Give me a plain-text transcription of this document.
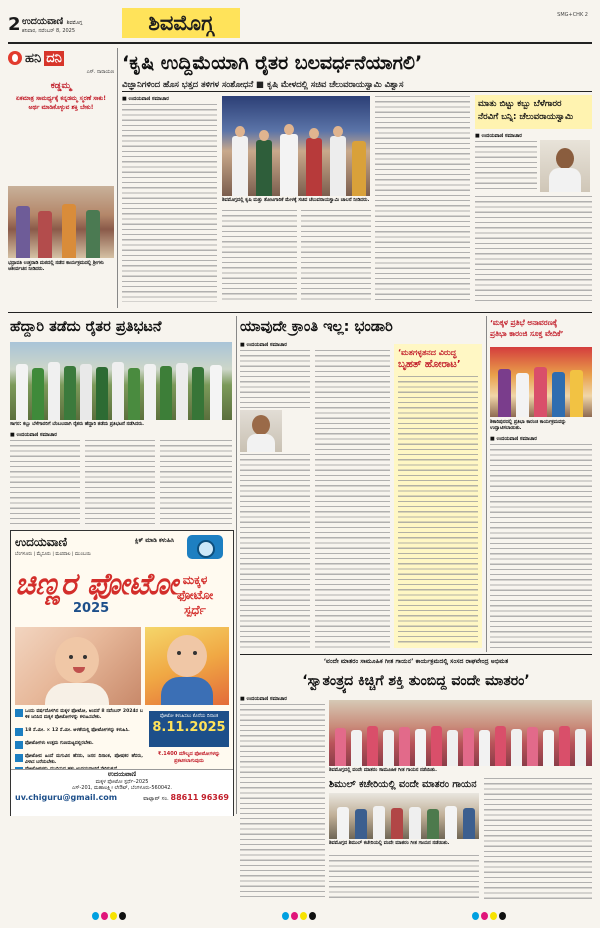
2 ಉದಯವಾಣಿ ಶಿವಮೊಗ್ಗ
ಶನಿವಾರ, ನವೆಂಬರ್ 8, 2025	ಶಿವಮೊಗ್ಗ	SMG+CHK 2
ಹನಿ ದನಿ
ಎಸ್. ನಾರಾಯಣ
ಕಡ್ಡಮ್ಮ
ಏಕಮಾತ್ರ ಸಾಮರ್ಥ್ಯಕ್ಕೆ ಕನ್ನಡಮ್ಮ ಸ್ಮರಣೆ ಸಾಕು! ಅರ್ಥ ಮಾಡಿಕೊಳ್ಳುವ ಶಕ್ತಿ ಬೇಕು!
ಭದ್ರಾವತಿ ಉತ್ತರಾಡಿ ಮಠದಲ್ಲಿ ನಡೆದ ಕಾರ್ಯಕ್ರಮದಲ್ಲಿ ಶ್ರೀಗಳು ಆಶೀರ್ವಚನ ನೀಡಿದರು.
‘ಕೃಷಿ ಉದ್ದಿಮೆಯಾಗಿ ರೈತರ ಬಲವರ್ಧನೆಯಾಗಲಿ’
ವಿಜ್ಞಾನಿಗಳಿಂದ ಹೊಸ ಭತ್ತದ ತಳಿಗಳ ಸಂಶೋಧನೆ ■ ಕೃಷಿ ಮೇಳದಲ್ಲಿ ಸಚಿವ ಚೆಲುವರಾಯಸ್ವಾಮಿ ವಿಶ್ವಾಸ
■ ಉದಯವಾಣಿ ಸಮಾಚಾರ
ಶಿವಮೊಗ್ಗದಲ್ಲಿ ಕೃಷಿ ಮತ್ತು ತೋಟಗಾರಿಕೆ ಮೇಳಕ್ಕೆ ಸಚಿವ ಚೆಲುವರಾಯಸ್ವಾಮಿ ಚಾಲನೆ ನೀಡಿದರು.
ಮಾತು ಬಿಟ್ಟು ಕಬ್ಬು ಬೆಳೆಗಾರರ
ನೆರವಿಗೆ ಬನ್ನಿ: ಚೆಲುವರಾಯಸ್ವಾಮಿ
■ ಉದಯವಾಣಿ ಸಮಾಚಾರ
ಹೆದ್ದಾರಿ ತಡೆದು ರೈತರ ಪ್ರತಿಭಟನೆ
ಸಾಗರ: ಕಬ್ಬು ಬೆಳೆಗಾರರಿಗೆ ಬೆಂಬಲವಾಗಿ ರೈತರು ಹೆದ್ದಾರಿ ತಡೆದು ಪ್ರತಿಭಟನೆ ನಡೆಸಿದರು.
■ ಉದಯವಾಣಿ ಸಮಾಚಾರ
ಉದಯವಾಣಿ
ಬೆಂಗಳೂರು | ಮೈಸೂರು | ಮಣಿಪಾಲ | ಮುಂಬಯಿ
ಕ್ಲಿಕ್ ಮಾಡಿ ಕಳುಹಿಸಿ
ಚಿಣ್ಣರ ಫೋಟೋ
2025
ಮಕ್ಕಳ
ಫೋಟೋ
ಸ್ಪರ್ಧೆ
ಒಂದು ವರ್ಷದೊಳಗಿನ ಮಕ್ಕಳ ಫೋಟೋ, ಅಂದರೆ 8 ನವೆಂಬರ್ 2024ರ ಬಳಿಕ ಜನಿಸಿದ ಮಕ್ಕಳ ಫೋಟೋಗಳನ್ನು ಕಳುಹಿಸಬೇಕು.
18 ಸೆ.ಮೀ. × 12 ಸೆ.ಮೀ. ಅಳತೆಯಲ್ಲಿ ಫೋಟೋಗಳನ್ನು ಕಳುಹಿಸಿ.
ಫೋಟೋಗಳು ಉತ್ತಮ ಗುಣಮಟ್ಟದಲ್ಲಿರಬೇಕು.
ಫೋಟೋದ ಹಿಂದೆ ಮಗುವಿನ ಹೆಸರು, ಜನನ ದಿನಾಂಕ, ಪೋಷಕರ ಹೆಸರು, ವಿಳಾಸ ಬರೆಯಬೇಕು.
ಫೋಟೋ ಕಳುಹಿಸಲು ಕೊನೆಯ ದಿನಾಂಕ
8.11.2025
₹.1400 ಮೌಲ್ಯದ ಫೋಟೋಗಳನ್ನು ಪ್ರಕಟಿಸಲಾಗುವುದು
ಉದಯವಾಣಿ
ಮಕ್ಕಳ ಫೋಟೋ ಸ್ಪರ್ಧೆ–2025
ಎಸ್-201, ಮಹಾಲಕ್ಷ್ಮೀ ಲೇಔಟ್, ಬೆಂಗಳೂರು-560042.
uv.chiguru@gmail.com	ವಾಟ್ಸಾಪ್ ಸಂ. 88611 96369
ಯಾವುದೇ ಕ್ರಾಂತಿ ಇಲ್ಲ: ಭಂಡಾರಿ
■ ಉದಯವಾಣಿ ಸಮಾಚಾರ
‘ಮತಗಳ್ಳತನದ ವಿರುದ್ಧ
ಬೃಹತ್ ಹೋರಾಟ’
‘ಮಕ್ಕಳ ಪ್ರತಿಭೆ ಅನಾವರಣಕ್ಕೆ
ಪ್ರತಿಭಾ ಕಾರಂಜಿ ಸೂಕ್ತ ವೇದಿಕೆ’
ಶಿಕಾರಿಪುರದಲ್ಲಿ ಪ್ರತಿಭಾ ಕಾರಂಜಿ ಕಾರ್ಯಕ್ರಮವನ್ನು ಉದ್ಘಾಟಿಸಲಾಯಿತು.
■ ಉದಯವಾಣಿ ಸಮಾಚಾರ
‘ವಂದೇ ಮಾತರಂ ಸಾಮೂಹಿಕ ಗೀತ ಗಾಯನ’ ಕಾರ್ಯಕ್ರಮದಲ್ಲಿ ಸಂಸದ ರಾಘವೇಂದ್ರ ಅಭಿಮತ
‘ಸ್ವಾತಂತ್ರ್ಯದ ಕಿಚ್ಚಿಗೆ ಶಕ್ತಿ ತುಂಬಿದ್ದ ವಂದೇ ಮಾತರಂ’
■ ಉದಯವಾಣಿ ಸಮಾಚಾರ
ಶಿವಮೊಗ್ಗದಲ್ಲಿ ವಂದೇ ಮಾತರಂ ಸಾಮೂಹಿಕ ಗೀತ ಗಾಯನ ನಡೆಯಿತು.
ಶಿಮುಲ್ ಕಚೇರಿಯಲ್ಲಿ ವಂದೇ ಮಾತರಂ ಗಾಯನ
ಶಿವಮೊಗ್ಗದ ಶಿಮುಲ್ ಕಚೇರಿಯಲ್ಲಿ ವಂದೇ ಮಾತರಂ ಗೀತ ಗಾಯನ ನಡೆಯಿತು.
